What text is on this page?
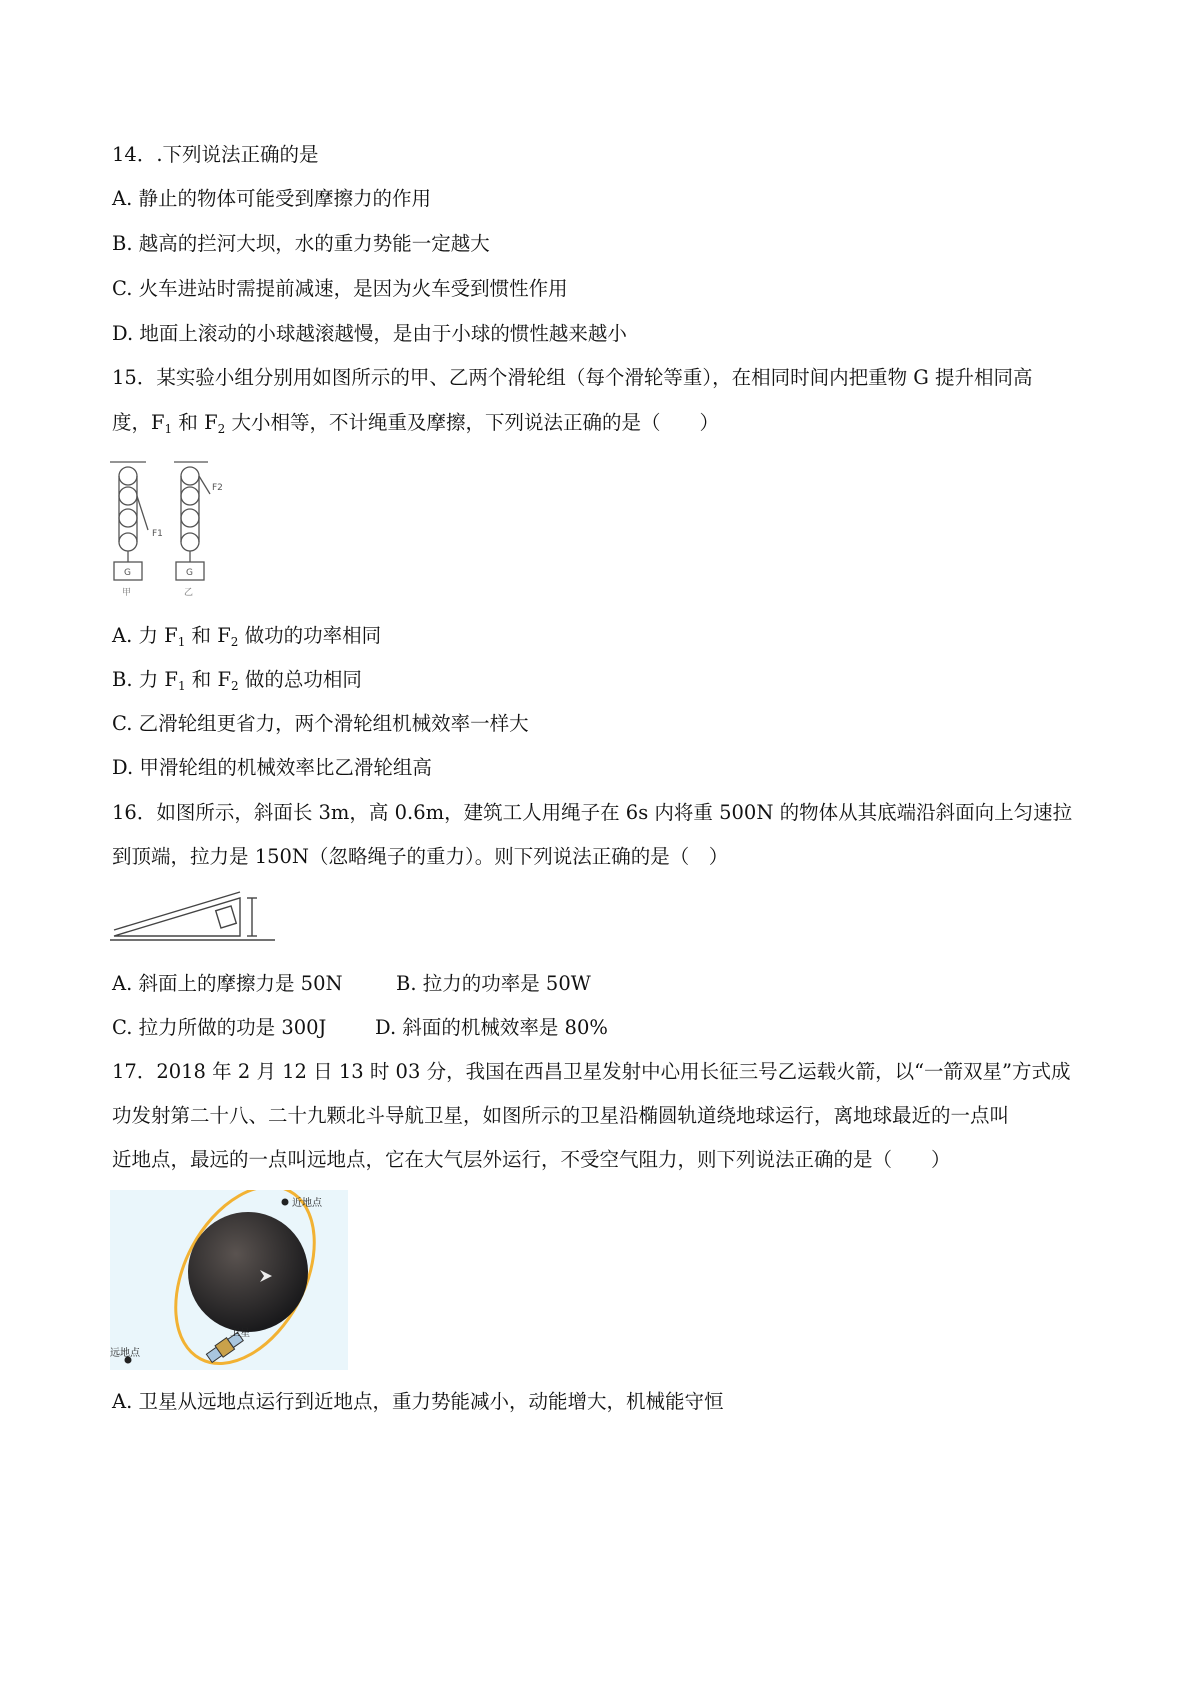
14．.下列说法正确的是
A. 静止的物体可能受到摩擦力的作用
B. 越高的拦河大坝，水的重力势能一定越大
C. 火车进站时需提前减速，是因为火车受到惯性作用
D. 地面上滚动的小球越滚越慢，是由于小球的惯性越来越小
15．某实验小组分别用如图所示的甲、乙两个滑轮组（每个滑轮等重），在相同时间内把重物 G 提升相同高
度，$F_1$ 和 $F_2$ 大小相等，不计绳重及摩擦，下列说法正确的是（　　）
F1
F2
G	G
甲	乙
A. 力 $F_1$ 和 $F_2$ 做功的功率相同
B. 力 $F_1$ 和 $F_2$ 做的总功相同
C. 乙滑轮组更省力，两个滑轮组机械效率一样大
D. 甲滑轮组的机械效率比乙滑轮组高
16．如图所示，斜面长 3m，高 0.6m，建筑工人用绳子在 6s 内将重 500N 的物体从其底端沿斜面向上匀速拉
到顶端，拉力是 150N（忽略绳子的重力）。则下列说法正确的是（　）
A. 斜面上的摩擦力是 50N	B. 拉力的功率是 50W
C. 拉力所做的功是 300J D. 斜面的机械效率是 80%
17．2018 年 2 月 12 日 13 时 03 分，我国在西昌卫星发射中心用长征三号乙运载火箭，以“一箭双星”方式成
功发射第二十八、二十九颗北斗导航卫星，如图所示的卫星沿椭圆轨道绕地球运行，离地球最近的一点叫
近地点，最远的一点叫远地点，它在大气层外运行，不受空气阻力，则下列说法正确的是（　　）
近地点
远地点
卫星
A. 卫星从远地点运行到近地点，重力势能减小，动能增大，机械能守恒
